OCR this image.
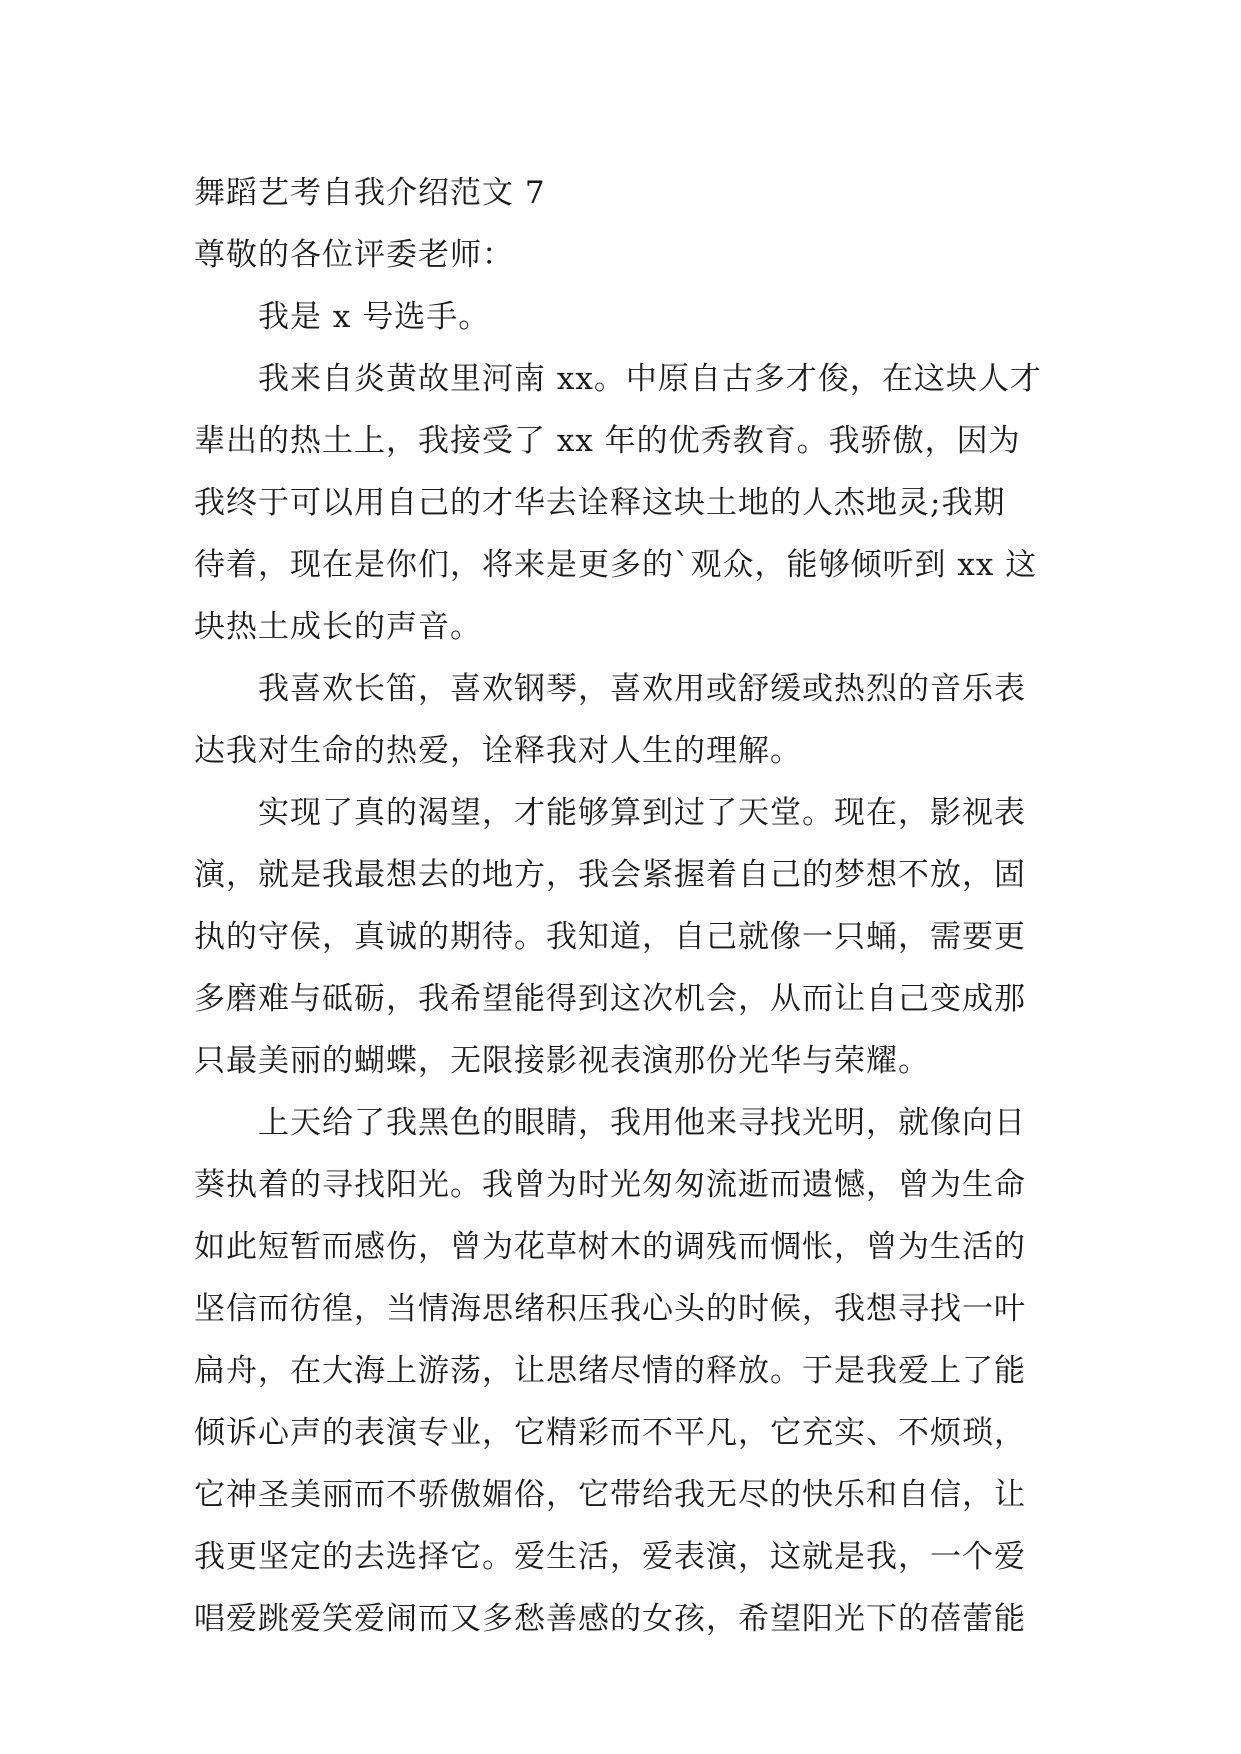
舞蹈艺考自我介绍范文 7
尊敬的各位评委老师：
我是 x 号选手。
我来自炎黄故里河南 xx。中原自古多才俊，在这块人才
辈出的热土上，我接受了 xx 年的优秀教育。我骄傲，因为
我终于可以用自己的才华去诠释这块土地的人杰地灵;我期
待着，现在是你们，将来是更多的`观众，能够倾听到 xx 这
块热土成长的声音。
我喜欢长笛，喜欢钢琴，喜欢用或舒缓或热烈的音乐表
达我对生命的热爱，诠释我对人生的理解。
实现了真的渴望，才能够算到过了天堂。现在，影视表
演，就是我最想去的地方，我会紧握着自己的梦想不放，固
执的守侯，真诚的期待。我知道，自己就像一只蛹，需要更
多磨难与砥砺，我希望能得到这次机会，从而让自己变成那
只最美丽的蝴蝶，无限接影视表演那份光华与荣耀。
上天给了我黑色的眼睛，我用他来寻找光明，就像向日
葵执着的寻找阳光。我曾为时光匆匆流逝而遗憾，曾为生命
如此短暂而感伤，曾为花草树木的调残而惆怅，曾为生活的
坚信而彷徨，当情海思绪积压我心头的时候，我想寻找一叶
扁舟，在大海上游荡，让思绪尽情的释放。于是我爱上了能
倾诉心声的表演专业，它精彩而不平凡，它充实、不烦琐，
它神圣美丽而不骄傲媚俗，它带给我无尽的快乐和自信，让
我更坚定的去选择它。爱生活，爱表演，这就是我，一个爱
唱爱跳爱笑爱闹而又多愁善感的女孩，希望阳光下的蓓蕾能
